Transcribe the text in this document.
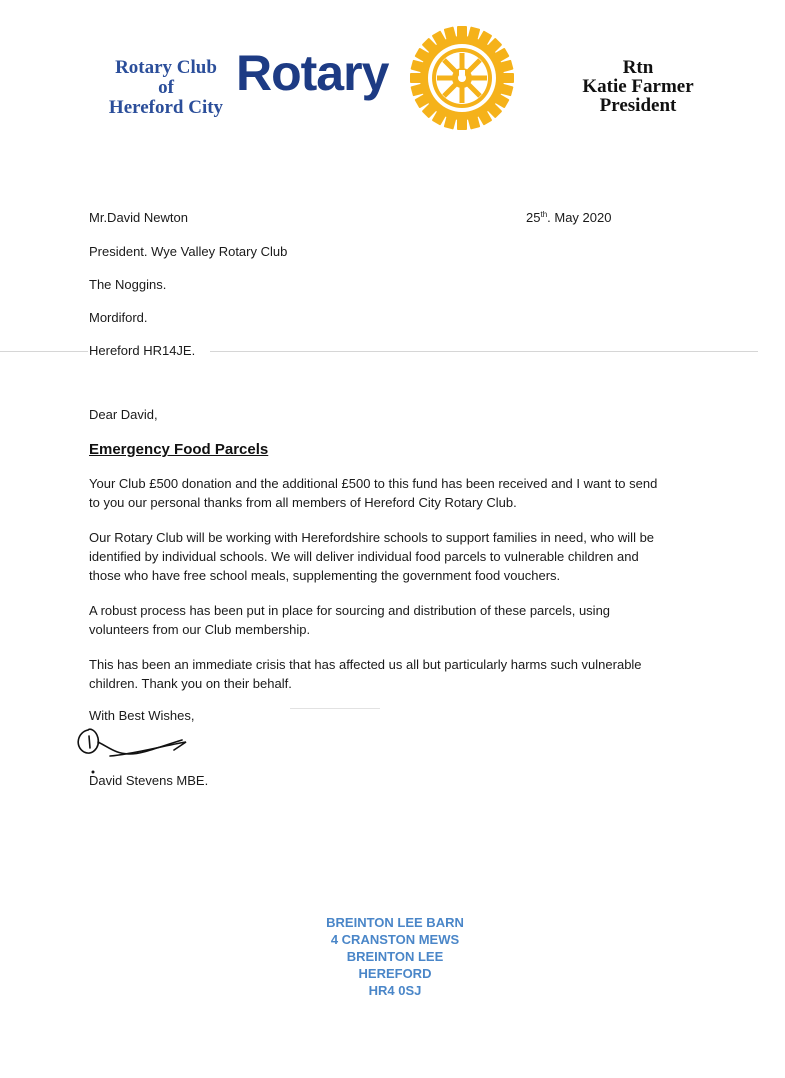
Rotary Club
of
Hereford City
Rotary	Rtn
Katie Farmer
President
Mr.David Newton
President. Wye Valley Rotary Club
The Noggins.
Mordiford.
Hereford HR14JE.
25th. May 2020
Dear David,
Emergency Food Parcels
Your Club £500 donation and the additional £500 to this fund has been received and I want to send
to you our personal thanks from all members of Hereford City Rotary Club.
Our Rotary Club will be working with Herefordshire schools to support families in need, who will be
identified by individual schools. We will deliver individual food parcels to vulnerable children and
those who have free school meals, supplementing the government food vouchers.
A robust process has been put in place for sourcing and distribution of these parcels, using
volunteers from our Club membership.
This has been an immediate crisis that has affected us all but particularly harms such vulnerable
children. Thank you on their behalf.
With Best Wishes,
David Stevens MBE.
BREINTON LEE BARN
4 CRANSTON MEWS
BREINTON LEE
HEREFORD
HR4 0SJ
